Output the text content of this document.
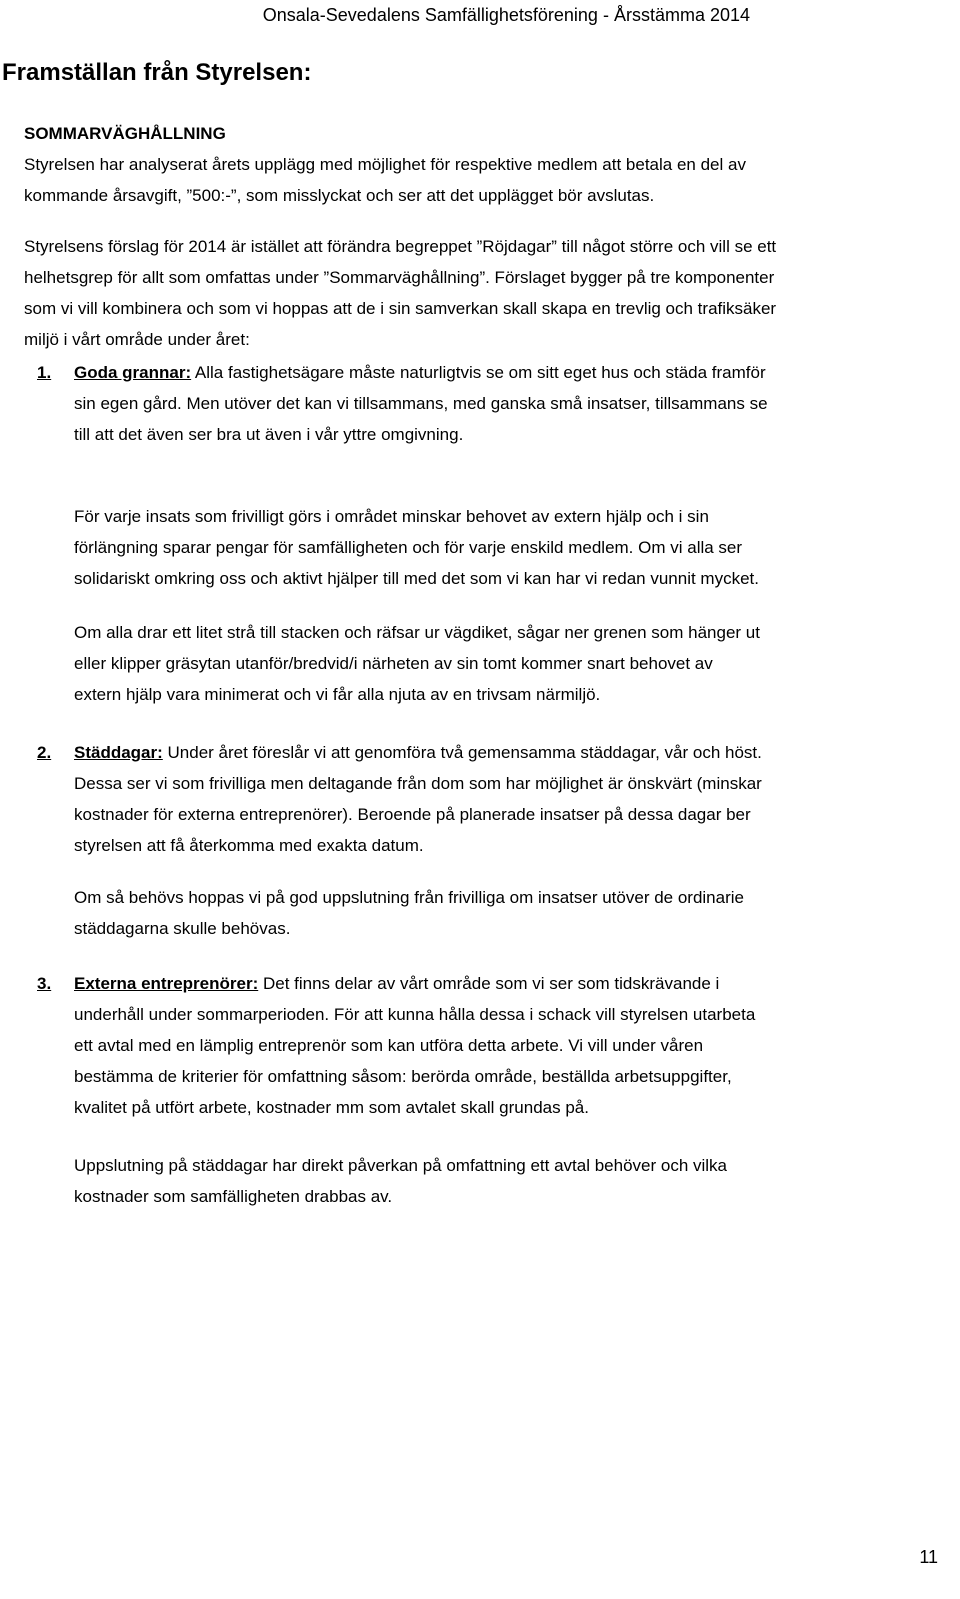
Onsala-Sevedalens Samfällighetsförening - Årsstämma 2014
Framställan från Styrelsen:
SOMMARVÄGHÅLLNING
Styrelsen har analyserat årets upplägg med möjlighet för respektive medlem att betala en del av
kommande årsavgift, ”500:-”, som misslyckat och ser att det upplägget bör avslutas.
Styrelsens förslag för 2014 är istället att förändra begreppet ”Röjdagar” till något större och vill se ett
helhetsgrep för allt som omfattas under ”Sommarväghållning”. Förslaget bygger på tre komponenter
som vi vill kombinera och som vi hoppas att de i sin samverkan skall skapa en trevlig och trafiksäker
miljö i vårt område under året:
1. Goda grannar: Alla fastighetsägare måste naturligtvis se om sitt eget hus och städa framför
sin egen gård. Men utöver det kan vi tillsammans, med ganska små insatser, tillsammans se
till att det även ser bra ut även i vår yttre omgivning.
För varje insats som frivilligt görs i området minskar behovet av extern hjälp och i sin
förlängning sparar pengar för samfälligheten och för varje enskild medlem. Om vi alla ser
solidariskt omkring oss och aktivt hjälper till med det som vi kan har vi redan vunnit mycket.
Om alla drar ett litet strå till stacken och räfsar ur vägdiket, sågar ner grenen som hänger ut
eller klipper gräsytan utanför/bredvid/i närheten av sin tomt kommer snart behovet av
extern hjälp vara minimerat och vi får alla njuta av en trivsam närmiljö.
2. Städdagar: Under året föreslår vi att genomföra två gemensamma städdagar, vår och höst.
Dessa ser vi som frivilliga men deltagande från dom som har möjlighet är önskvärt (minskar
kostnader för externa entreprenörer). Beroende på planerade insatser på dessa dagar ber
styrelsen att få återkomma med exakta datum.
Om så behövs hoppas vi på god uppslutning från frivilliga om insatser utöver de ordinarie
städdagarna skulle behövas.
3. Externa entreprenörer: Det finns delar av vårt område som vi ser som tidskrävande i
underhåll under sommarperioden. För att kunna hålla dessa i schack vill styrelsen utarbeta
ett avtal med en lämplig entreprenör som kan utföra detta arbete. Vi vill under våren
bestämma de kriterier för omfattning såsom: berörda område, beställda arbetsuppgifter,
kvalitet på utfört arbete, kostnader mm som avtalet skall grundas på.
Uppslutning på städdagar har direkt påverkan på omfattning ett avtal behöver och vilka
kostnader som samfälligheten drabbas av.
11
